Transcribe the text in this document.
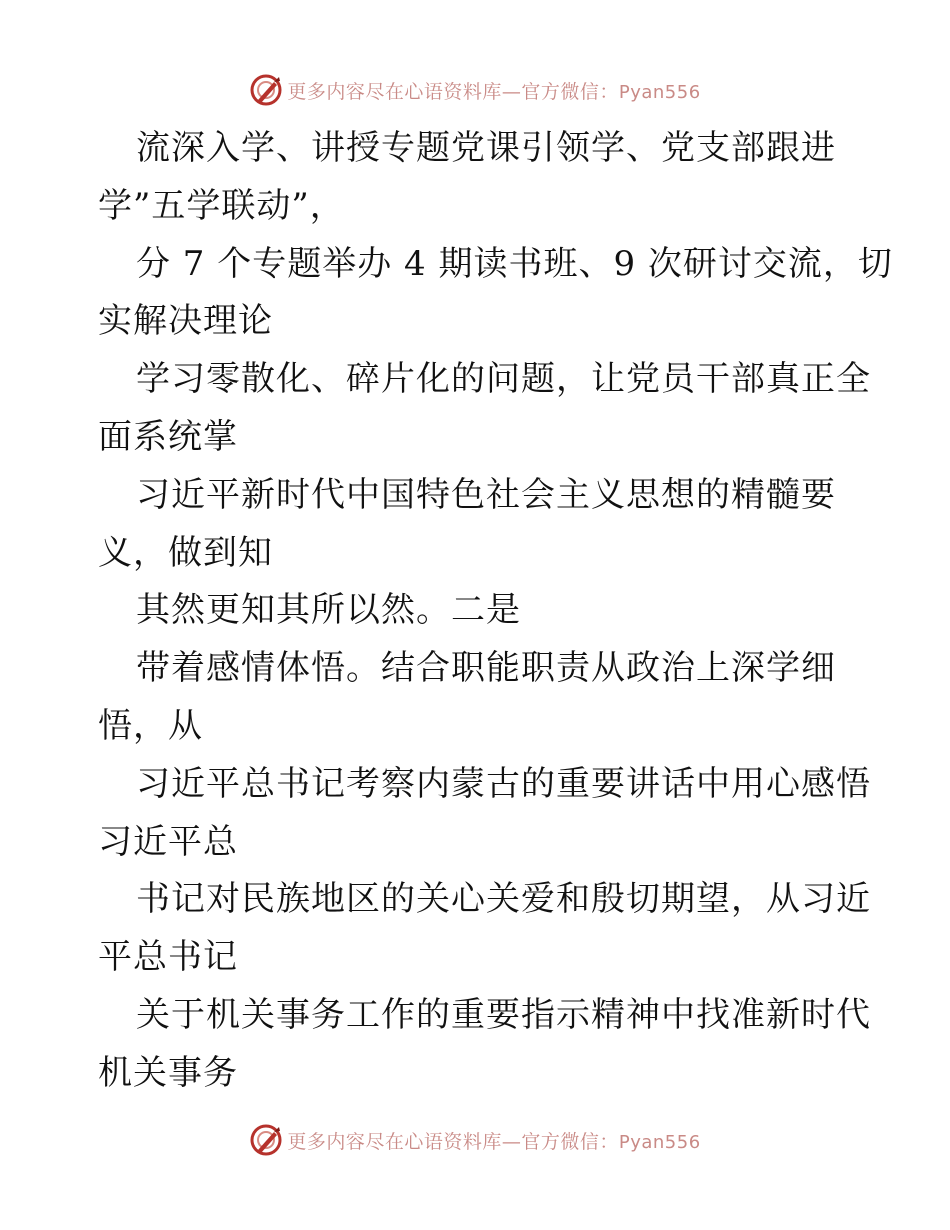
更多内容尽在心语资料库—官方微信：Pyan556
流深入学、讲授专题党课引领学、党支部跟进
学”五学联动”，
分 7 个专题举办 4 期读书班、9 次研讨交流，切
实解决理论
学习零散化、碎片化的问题，让党员干部真正全
面系统掌
习近平新时代中国特色社会主义思想的精髓要
义，做到知
其然更知其所以然。二是
带着感情体悟。结合职能职责从政治上深学细
悟，从
习近平总书记考察内蒙古的重要讲话中用心感悟
习近平总
书记对民族地区的关心关爱和殷切期望，从习近
平总书记
关于机关事务工作的重要指示精神中找准新时代
机关事务
更多内容尽在心语资料库—官方微信：Pyan556
